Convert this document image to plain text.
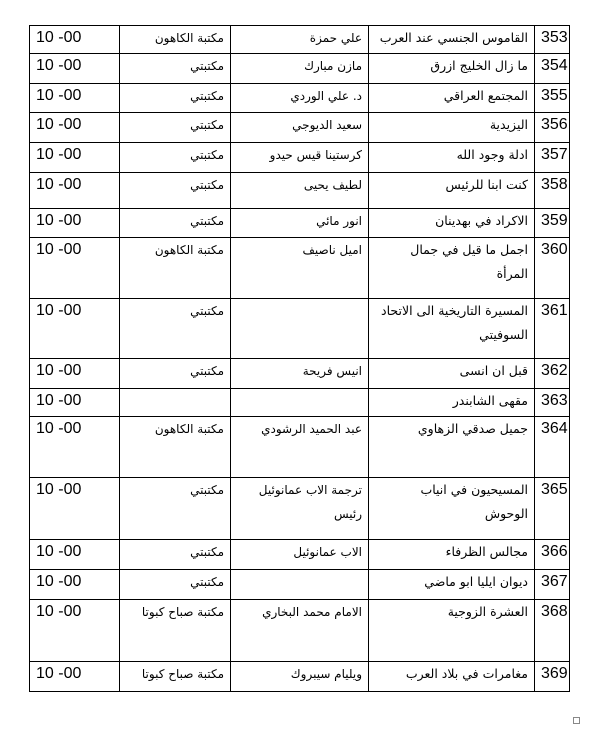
10 -00	مكتبة الكاهون	علي حمزة	القاموس الجنسي عند العرب	353
10 -00	مكتبتي	مازن مبارك	ما زال الخليج ازرق	354
10 -00	مكتبتي	د. علي الوردي	المجتمع العراقي	355
10 -00	مكتبتي	سعيد الديوجي	اليزيدية	356
10 -00	مكتبتي	كرستينا قيس حيدو	ادلة وجود الله	357
10 -00	مكتبتي	لطيف يحيى	كنت ابنا للرئيس	358
10 -00	مكتبتي	انور مائي	الاكراد في بهدينان	359
10 -00	مكتبة الكاهون	اميل ناصيف	اجمل ما قيل في جمال المرأة	360
10 -00	مكتبتي		المسيرة التاريخية الى الاتحاد السوفيتي	361
10 -00	مكتبتي	انيس فريحة	قبل ان انسى	362
10 -00			مقهى الشابندر	363
10 -00	مكتبة الكاهون	عبد الحميد الرشودي	جميل صدقي الزهاوي	364
10 -00	مكتبتي	ترجمة الاب عمانوئيل رئيس	المسيحيون في انياب الوحوش	365
10 -00	مكتبتي	الاب عمانوئيل	مجالس الظرفاء	366
10 -00	مكتبتي		ديوان ايليا ابو ماضي	367
10 -00	مكتبة صباح كبوتا	الامام محمد البخاري	العشرة الزوجية	368
10 -00	مكتبة صباح كبوتا	ويليام سيبروك	مغامرات في بلاد العرب	369
